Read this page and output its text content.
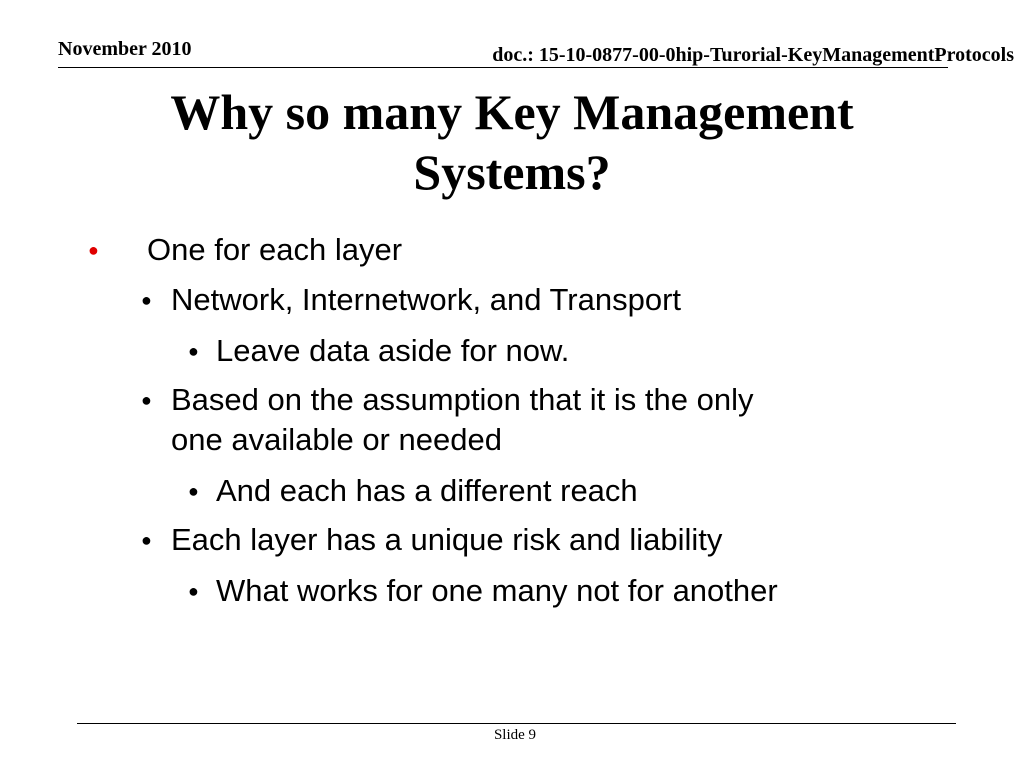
November 2010	doc.: 15-10-0877-00-0hip-Turorial-KeyManagementProtocols
Why so many Key Management
Systems?
● One for each layer
● Network, Internetwork, and Transport
● Leave data aside for now.
● Based on the assumption that it is the only
one available or needed
● And each has a different reach
● Each layer has a unique risk and liability
● What works for one many not for another
Slide 9
